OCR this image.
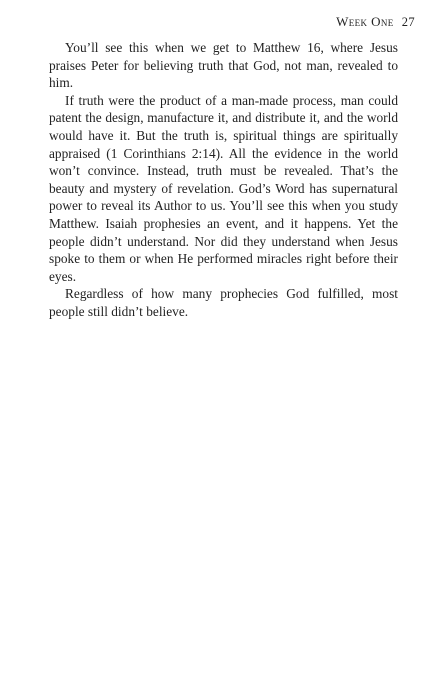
Week One 27

You’ll see this when we get to Matthew 16, where Jesus praises Peter for believing truth that God, not man, revealed to him.

If truth were the product of a man-made process, man could patent the design, manufacture it, and distribute it, and the world would have it. But the truth is, spiritual things are spiritually appraised (1 Corinthians 2:14). All the evidence in the world won’t convince. Instead, truth must be revealed. That’s the beauty and mystery of revelation. God’s Word has supernatural power to reveal its Author to us. You’ll see this when you study Matthew. Isaiah prophesies an event, and it happens. Yet the people didn’t understand. Nor did they understand when Jesus spoke to them or when He performed miracles right before their eyes.

Regardless of how many prophecies God fulfilled, most people still didn’t believe.
